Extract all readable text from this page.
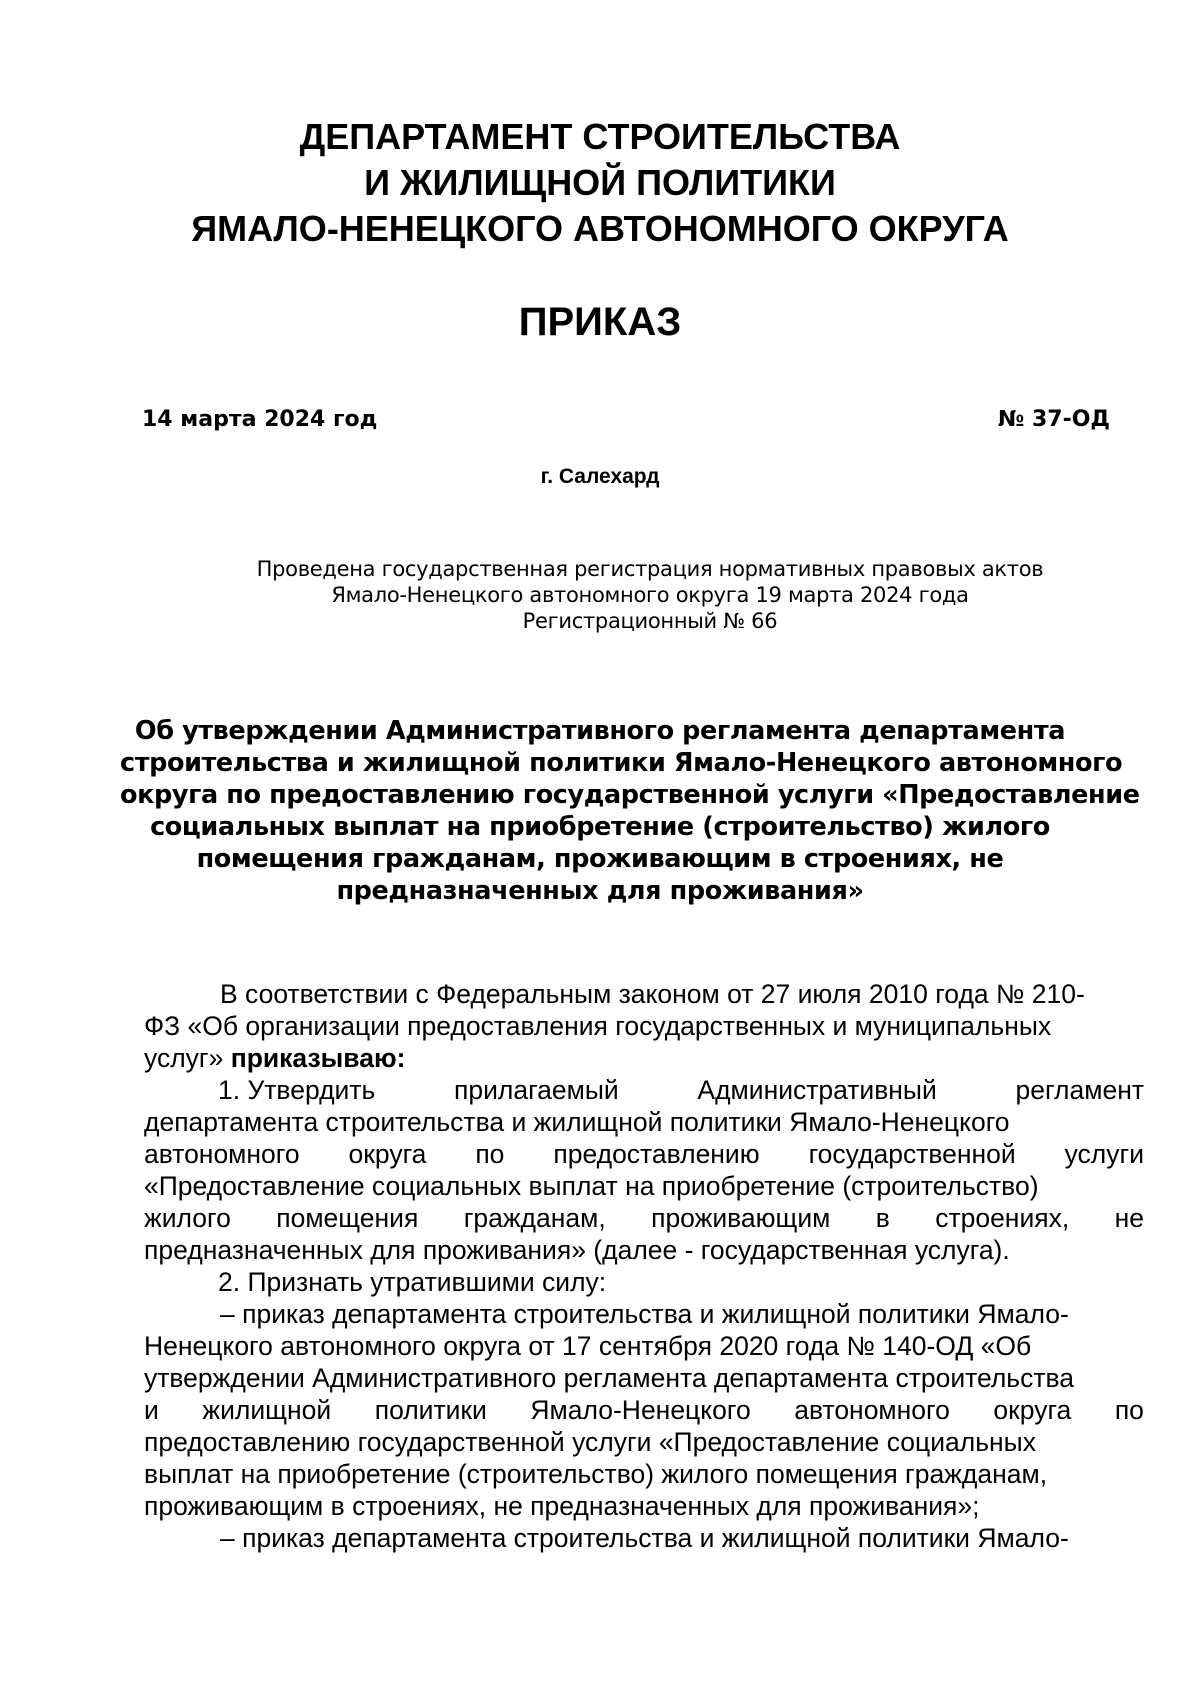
ДЕПАРТАМЕНТ СТРОИТЕЛЬСТВА
И ЖИЛИЩНОЙ ПОЛИТИКИ
ЯМАЛО-НЕНЕЦКОГО АВТОНОМНОГО ОКРУГА
ПРИКАЗ
14 марта 2024 год	№ 37-ОД
г. Салехард
Проведена государственная регистрация нормативных правовых актов
Ямало-Ненецкого автономного округа 19 марта 2024 года
Регистрационный № 66
Об утверждении Административного регламента департамента
строительства и жилищной политики Ямало-Ненецкого автономного
округа по предоставлению государственной услуги «Предоставление
социальных выплат на приобретение (строительство) жилого
помещения гражданам, проживающим в строениях, не
предназначенных для проживания»
В соответствии с Федеральным законом от 27 июля 2010 года № 210-
ФЗ «Об организации предоставления государственных и муниципальных
услуг» приказываю:
1. Утвердить	прилагаемый	Административный	регламент
департамента строительства и жилищной политики Ямало-Ненецкого
автономного округа по предоставлению государственной услуги
«Предоставление социальных выплат на приобретение (строительство)
жилого помещения гражданам, проживающим в строениях, не
предназначенных для проживания» (далее - государственная услуга).
2. Признать утратившими силу:
– приказ департамента строительства и жилищной политики Ямало-
Ненецкого автономного округа от 17 сентября 2020 года № 140-ОД «Об
утверждении Административного регламента департамента строительства
и жилищной политики Ямало-Ненецкого автономного округа по
предоставлению государственной услуги «Предоставление социальных
выплат на приобретение (строительство) жилого помещения гражданам,
проживающим в строениях, не предназначенных для проживания»;
– приказ департамента строительства и жилищной политики Ямало-
